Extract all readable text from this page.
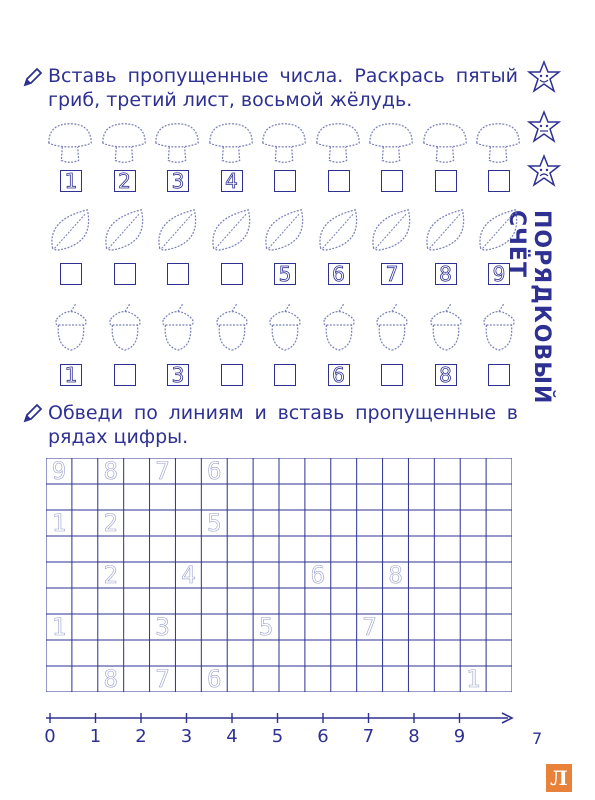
Вставь пропущенные числа. Раскрась пятый гриб, третий лист, восьмой жёлудь.
ПОРЯДКОВЫЙ СЧЁТ
1 2 3 4
5 6 7 8 9
1	3	6	8
Обведи по линиям и вставь пропущенные в рядах цифры.
9 8 7 6
1 2	5
2	4	6	8
1	3	5	7
8 7 6	1
0 1 2 3 4 5 6 7 8 9	7
Л
